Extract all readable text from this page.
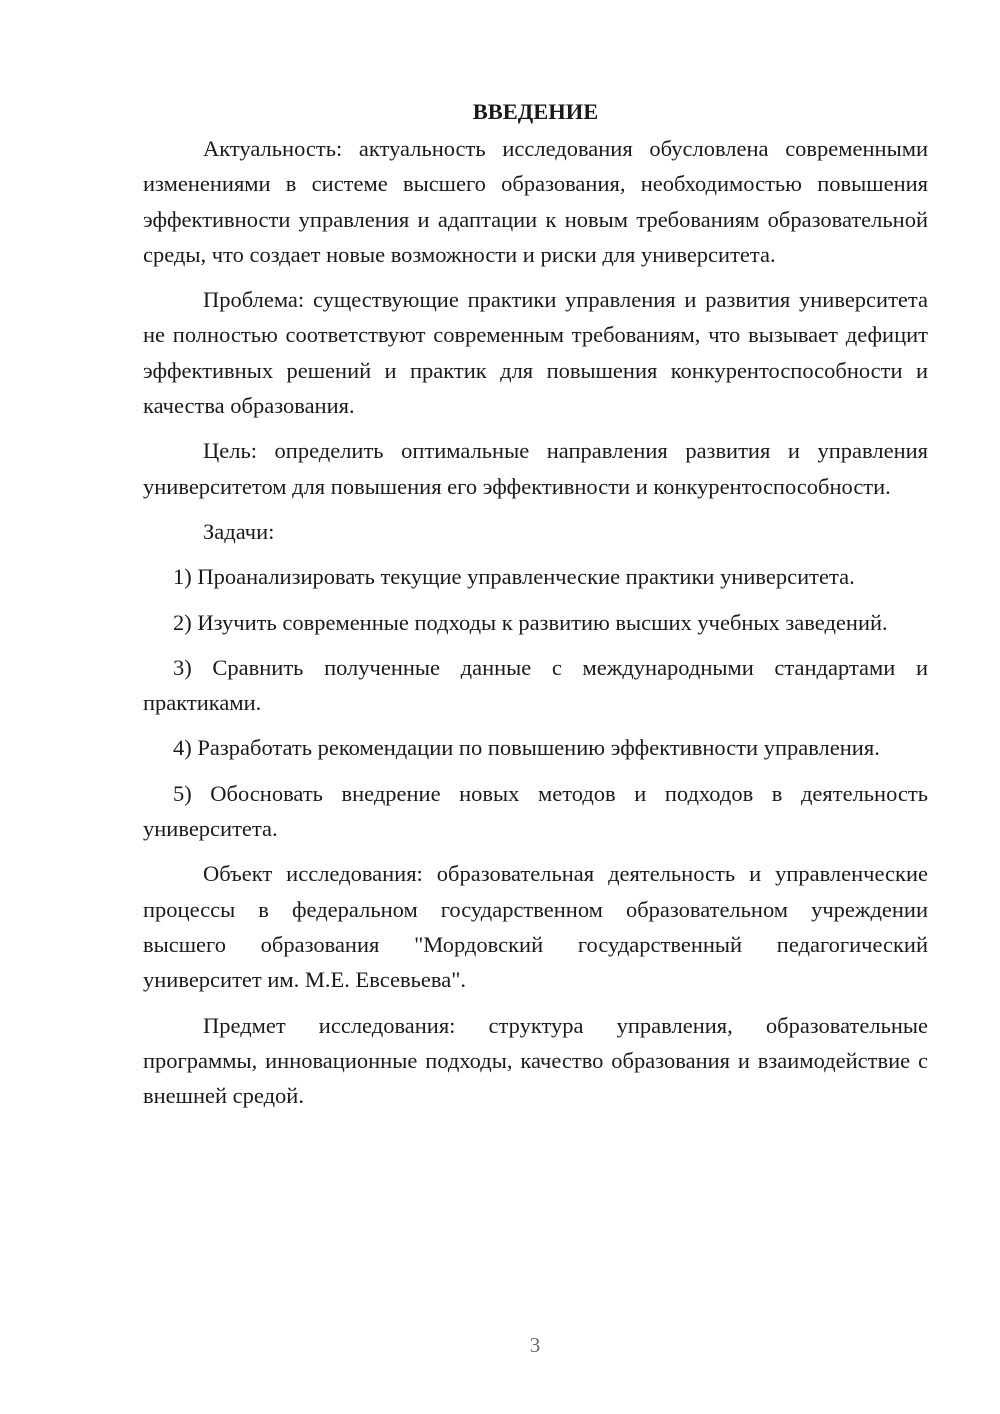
ВВЕДЕНИЕ

Актуальность: актуальность исследования обусловлена современными изменениями в системе высшего образования, необходимостью повышения эффективности управления и адаптации к новым требованиям образовательной среды, что создает новые возможности и риски для университета.

Проблема: существующие практики управления и развития университета не полностью соответствуют современным требованиям, что вызывает дефицит эффективных решений и практик для повышения конкурентоспособности и качества образования.

Цель: определить оптимальные направления развития и управления университетом для повышения его эффективности и конкурентоспособности.

Задачи:

1) Проанализировать текущие управленческие практики университета.

2) Изучить современные подходы к развитию высших учебных заведений.

3) Сравнить полученные данные с международными стандартами и практиками.

4) Разработать рекомендации по повышению эффективности управления.

5) Обосновать внедрение новых методов и подходов в деятельность университета.

Объект исследования: образовательная деятельность и управленческие процессы в федеральном государственном образовательном учреждении высшего образования "Мордовский государственный педагогический университет им. М.Е. Евсевьева".

Предмет исследования: структура управления, образовательные программы, инновационные подходы, качество образования и взаимодействие с внешней средой.

3
